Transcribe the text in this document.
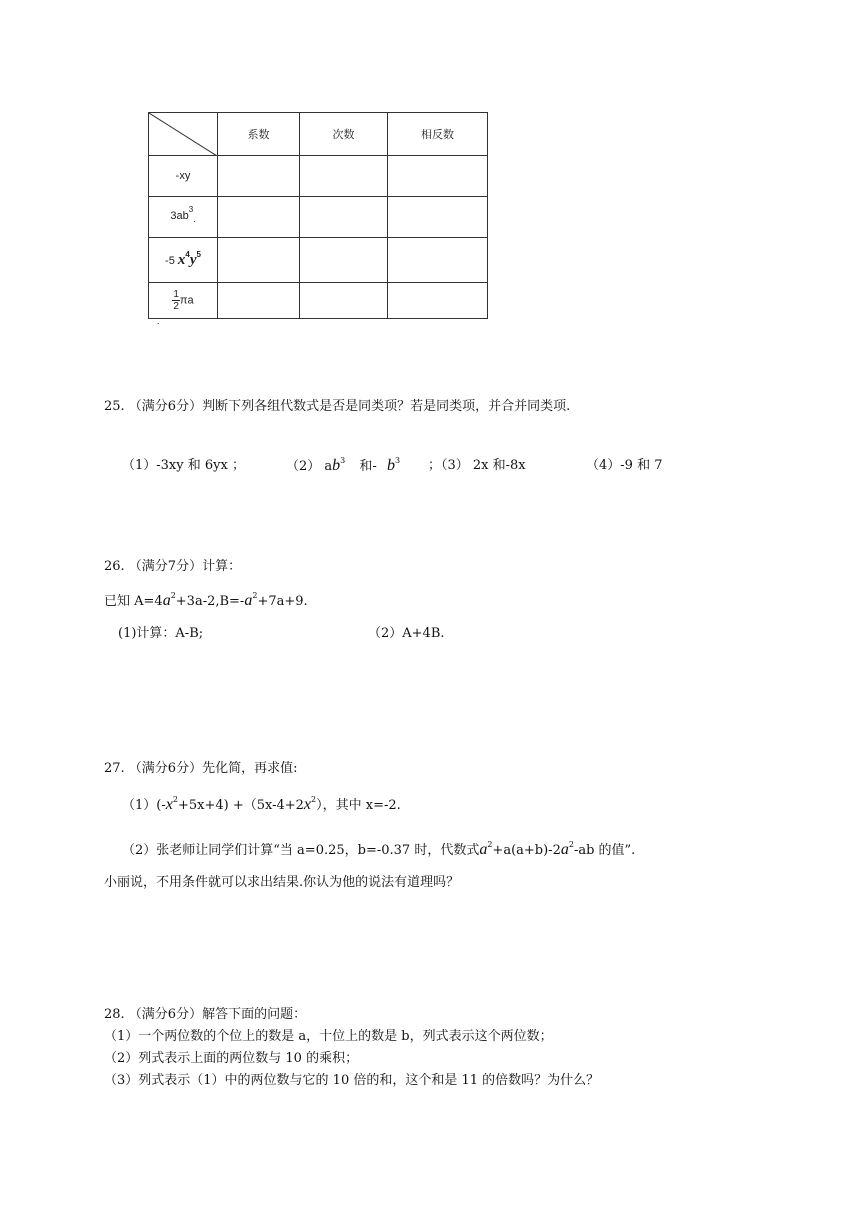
	系数	次数	相反数
-xy			
$3ab^3_.$			
-5 $x^4y^5$			

$\frac{1}{2}$ πa			
.
25. （满分6分）判断下列各组代数式是否是同类项？若是同类项，并合并同类项.
（1）-3xy 和 6yx ；	（2） $ab^3$ 和- $b^3$ ；（3） 2x 和-8x	（4）-9 和 7
26. （满分7分）计算：
已知 $A=4a^2+3a-2,B=-a^2+7a+9$.
(1)计算：A-B;	（2）A+4B.
27. （满分6分）先化简，再求值:
$(1)(-x^2+5x+4) +(5x-4+2x^2)$，其中 x=-2.
（2）张老师让同学们计算“当 a=0.25，b=-0.37 时，代数式$a^2+a(a+b)-2a^2-ab$ 的值”.
小丽说，不用条件就可以求出结果.你认为他的说法有道理吗？
28. （满分6分）解答下面的问题：
（1）一个两位数的个位上的数是 a，十位上的数是 b，列式表示这个两位数；
（2）列式表示上面的两位数与 10 的乘积；
（3）列式表示（1）中的两位数与它的 10 倍的和，这个和是 11 的倍数吗？为什么？
